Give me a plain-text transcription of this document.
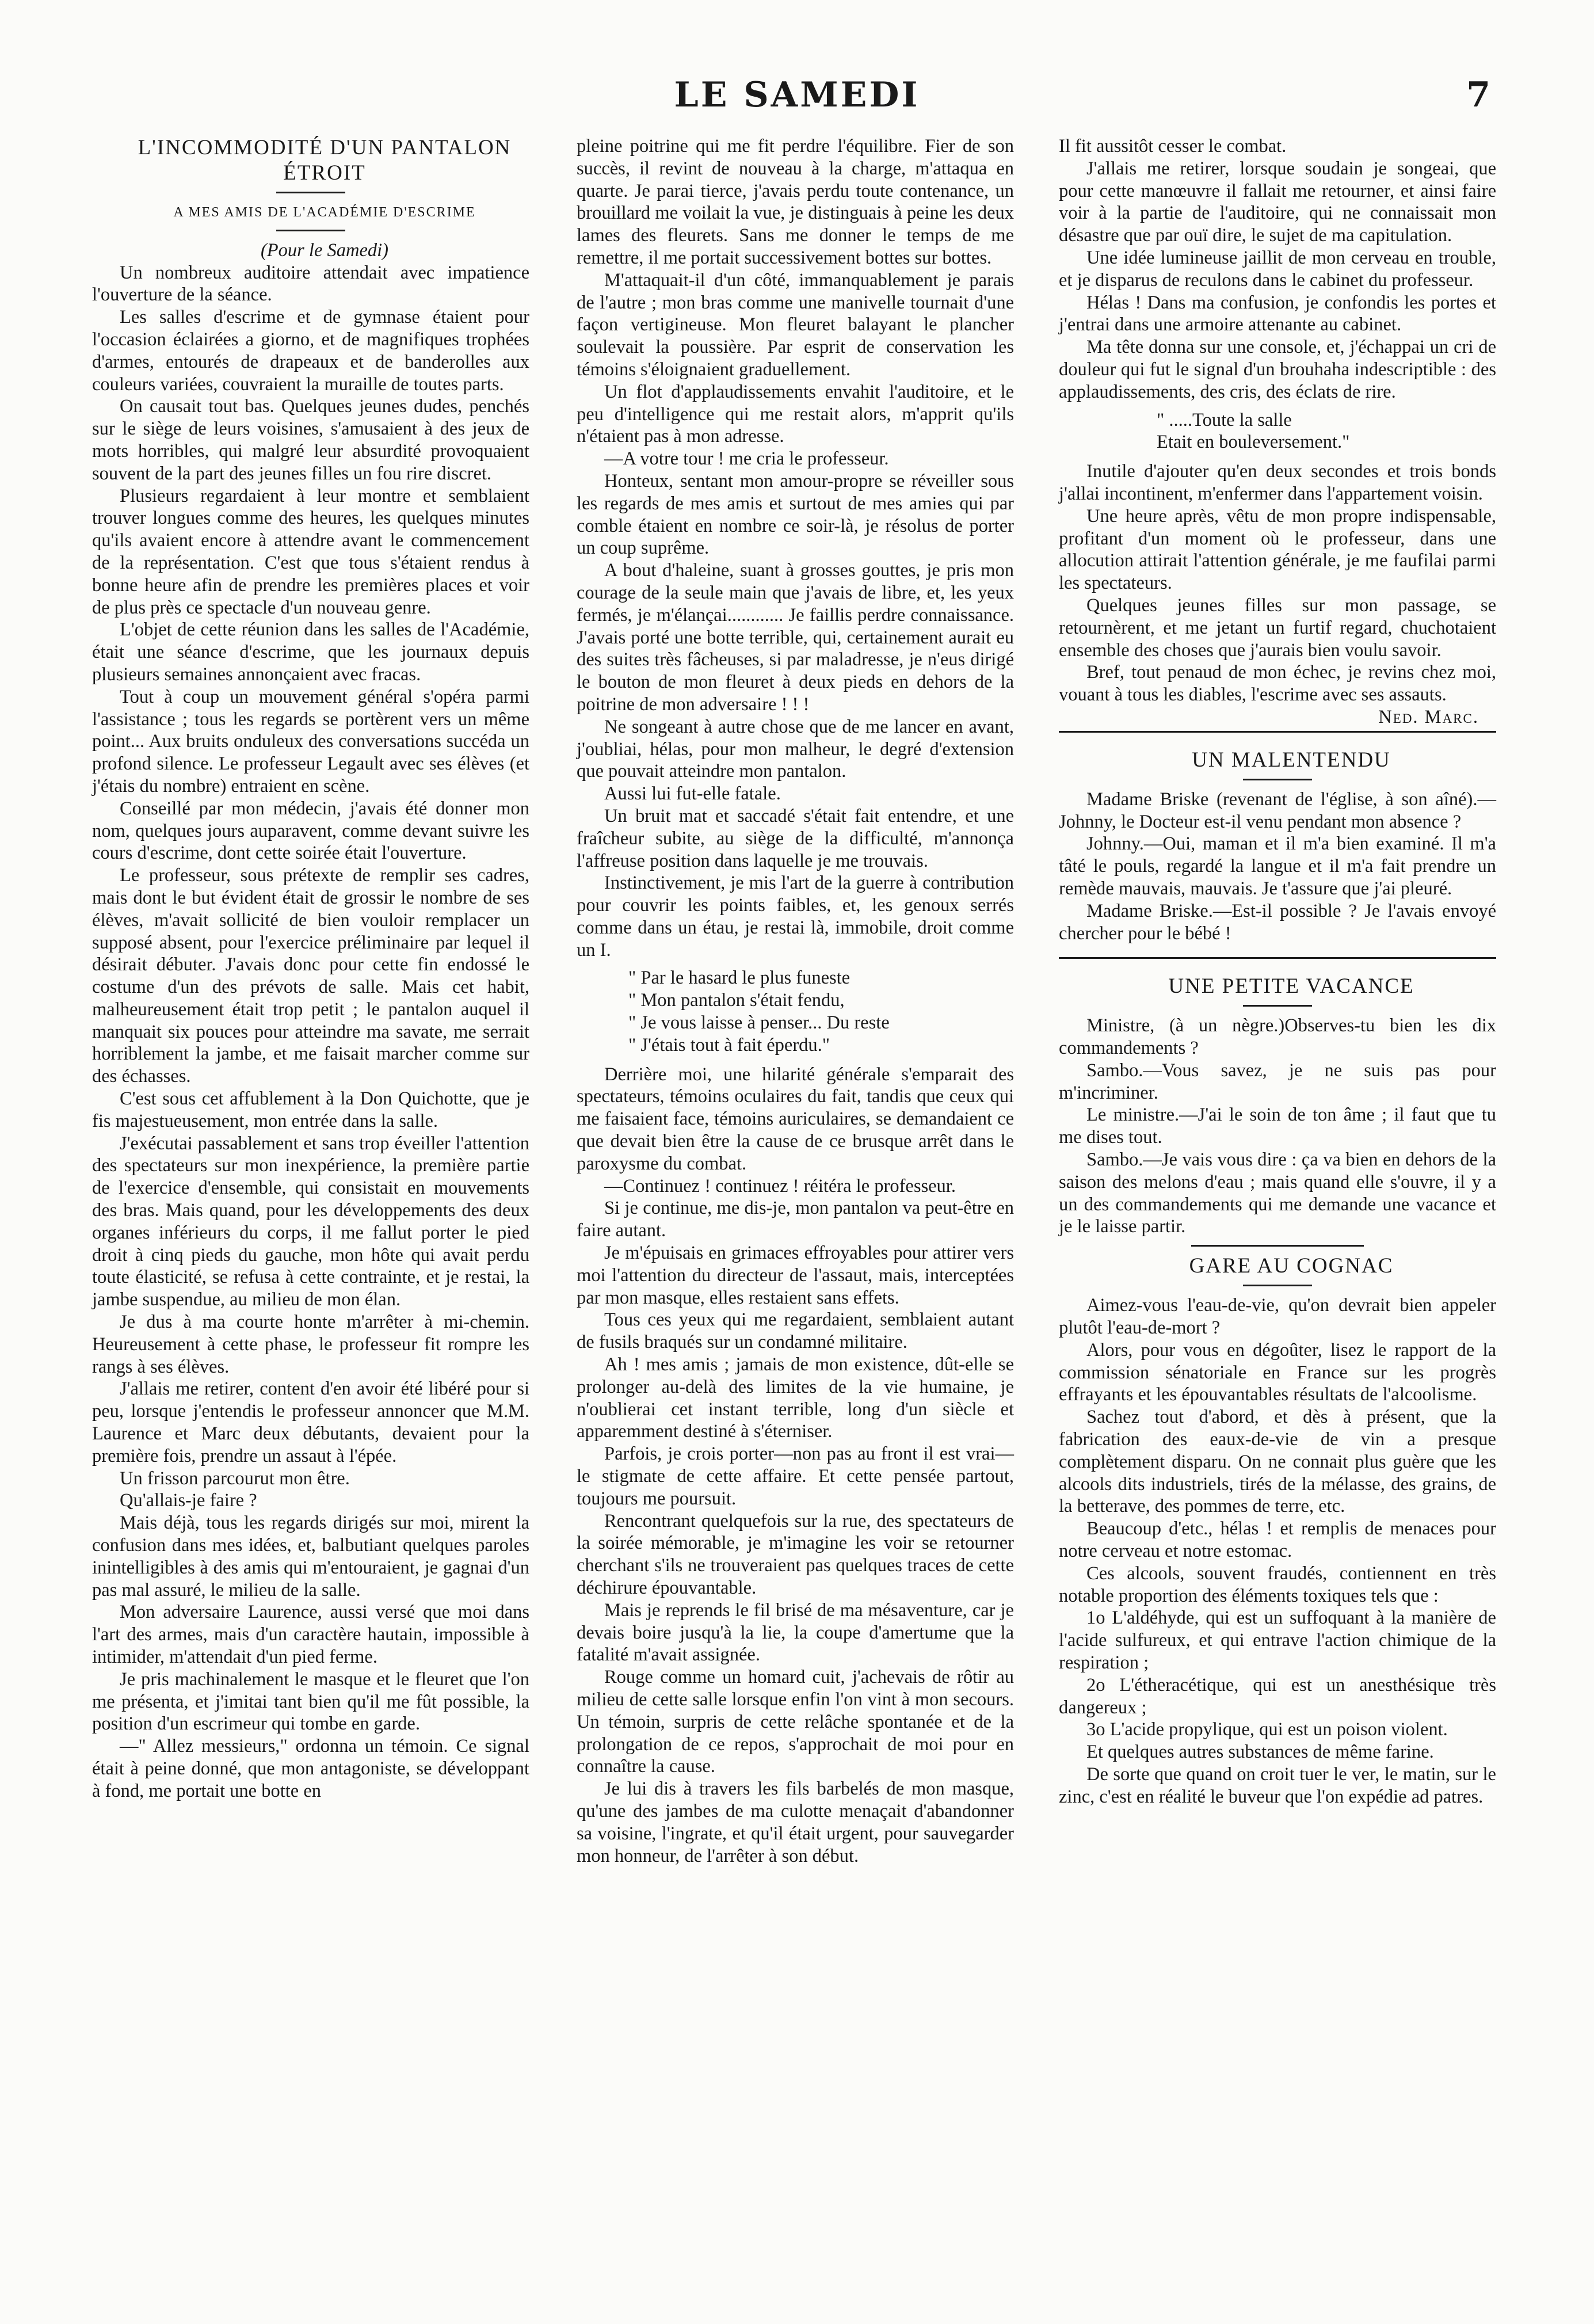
LE SAMEDI	7

L'INCOMMODITÉ D'UN PANTALON

ÉTROIT

A MES AMIS DE L'ACADÉMIE D'ESCRIME

(Pour le Samedi)

Un nombreux auditoire attendait avec impatience l'ouverture de la séance.

Les salles d'escrime et de gymnase étaient pour l'occasion éclairées a giorno, et de magnifiques trophées d'armes, entourés de drapeaux et de banderolles aux couleurs variées, couvraient la muraille de toutes parts.

On causait tout bas. Quelques jeunes dudes, penchés sur le siège de leurs voisines, s'amusaient à des jeux de mots horribles, qui malgré leur absurdité provoquaient souvent de la part des jeunes filles un fou rire discret.

Plusieurs regardaient à leur montre et semblaient trouver longues comme des heures, les quelques minutes qu'ils avaient encore à attendre avant le commencement de la représentation. C'est que tous s'étaient rendus à bonne heure afin de prendre les premières places et voir de plus près ce spectacle d'un nouveau genre.

L'objet de cette réunion dans les salles de l'Académie, était une séance d'escrime, que les journaux depuis plusieurs semaines annonçaient avec fracas.

Tout à coup un mouvement général s'opéra parmi l'assistance ; tous les regards se portèrent vers un même point... Aux bruits onduleux des conversations succéda un profond silence. Le professeur Legault avec ses élèves (et j'étais du nombre) entraient en scène.

Conseillé par mon médecin, j'avais été donner mon nom, quelques jours auparavent, comme devant suivre les cours d'escrime, dont cette soirée était l'ouverture.

Le professeur, sous prétexte de remplir ses cadres, mais dont le but évident était de grossir le nombre de ses élèves, m'avait sollicité de bien vouloir remplacer un supposé absent, pour l'exercice préliminaire par lequel il désirait débuter. J'avais donc pour cette fin endossé le costume d'un des prévots de salle. Mais cet habit, malheureusement était trop petit ; le pantalon auquel il manquait six pouces pour atteindre ma savate, me serrait horriblement la jambe, et me faisait marcher comme sur des échasses.

C'est sous cet affublement à la Don Quichotte, que je fis majestueusement, mon entrée dans la salle.

J'exécutai passablement et sans trop éveiller l'attention des spectateurs sur mon inexpérience, la première partie de l'exercice d'ensemble, qui consistait en mouvements des bras. Mais quand, pour les développements des deux organes inférieurs du corps, il me fallut porter le pied droit à cinq pieds du gauche, mon hôte qui avait perdu toute élasticité, se refusa à cette contrainte, et je restai, la jambe suspendue, au milieu de mon élan.

Je dus à ma courte honte m'arrêter à mi-chemin. Heureusement à cette phase, le professeur fit rompre les rangs à ses élèves.

J'allais me retirer, content d'en avoir été libéré pour si peu, lorsque j'entendis le professeur annoncer que M.M. Laurence et Marc deux débutants, devaient pour la première fois, prendre un assaut à l'épée.

Un frisson parcourut mon être.

Qu'allais-je faire ?

Mais déjà, tous les regards dirigés sur moi, mirent la confusion dans mes idées, et, balbutiant quelques paroles inintelligibles à des amis qui m'entouraient, je gagnai d'un pas mal assuré, le milieu de la salle.

Mon adversaire Laurence, aussi versé que moi dans l'art des armes, mais d'un caractère hautain, impossible à intimider, m'attendait d'un pied ferme.

Je pris machinalement le masque et le fleuret que l'on me présenta, et j'imitai tant bien qu'il me fût possible, la position d'un escrimeur qui tombe en garde.

—" Allez messieurs," ordonna un témoin. Ce signal était à peine donné, que mon antagoniste, se développant à fond, me portait une botte en

pleine poitrine qui me fit perdre l'équilibre. Fier de son succès, il revint de nouveau à la charge, m'attaqua en quarte. Je parai tierce, j'avais perdu toute contenance, un brouillard me voilait la vue, je distinguais à peine les deux lames des fleurets. Sans me donner le temps de me remettre, il me portait successivement bottes sur bottes.

M'attaquait-il d'un côté, immanquablement je parais de l'autre ; mon bras comme une manivelle tournait d'une façon vertigineuse. Mon fleuret balayant le plancher soulevait la poussière. Par esprit de conservation les témoins s'éloignaient graduellement.

Un flot d'applaudissements envahit l'auditoire, et le peu d'intelligence qui me restait alors, m'apprit qu'ils n'étaient pas à mon adresse.

—A votre tour ! me cria le professeur.

Honteux, sentant mon amour-propre se réveiller sous les regards de mes amis et surtout de mes amies qui par comble étaient en nombre ce soir-là, je résolus de porter un coup suprême.

A bout d'haleine, suant à grosses gouttes, je pris mon courage de la seule main que j'avais de libre, et, les yeux fermés, je m'élançai............ Je faillis perdre connaissance. J'avais porté une botte terrible, qui, certainement aurait eu des suites très fâcheuses, si par maladresse, je n'eus dirigé le bouton de mon fleuret à deux pieds en dehors de la poitrine de mon adversaire ! ! !

Ne songeant à autre chose que de me lancer en avant, j'oubliai, hélas, pour mon malheur, le degré d'extension que pouvait atteindre mon pantalon.

Aussi lui fut-elle fatale.

Un bruit mat et saccadé s'était fait entendre, et une fraîcheur subite, au siège de la difficulté, m'annonça l'affreuse position dans laquelle je me trouvais.

Instinctivement, je mis l'art de la guerre à contribution pour couvrir les points faibles, et, les genoux serrés comme dans un étau, je restai là, immobile, droit comme un I.

" Par le hasard le plus funeste
" Mon pantalon s'était fendu,
" Je vous laisse à penser... Du reste
" J'étais tout à fait éperdu."

Derrière moi, une hilarité générale s'emparait des spectateurs, témoins oculaires du fait, tandis que ceux qui me faisaient face, témoins auriculaires, se demandaient ce que devait bien être la cause de ce brusque arrêt dans le paroxysme du combat.

—Continuez ! continuez ! réitéra le professeur.

Si je continue, me dis-je, mon pantalon va peut-être en faire autant.

Je m'épuisais en grimaces effroyables pour attirer vers moi l'attention du directeur de l'assaut, mais, interceptées par mon masque, elles restaient sans effets.

Tous ces yeux qui me regardaient, semblaient autant de fusils braqués sur un condamné militaire.

Ah ! mes amis ; jamais de mon existence, dût-elle se prolonger au-delà des limites de la vie humaine, je n'oublierai cet instant terrible, long d'un siècle et apparemment destiné à s'éterniser.

Parfois, je crois porter—non pas au front il est vrai—le stigmate de cette affaire. Et cette pensée partout, toujours me poursuit.

Rencontrant quelquefois sur la rue, des spectateurs de la soirée mémorable, je m'imagine les voir se retourner cherchant s'ils ne trouveraient pas quelques traces de cette déchirure épouvantable.

Mais je reprends le fil brisé de ma mésaventure, car je devais boire jusqu'à la lie, la coupe d'amertume que la fatalité m'avait assignée.

Rouge comme un homard cuit, j'achevais de rôtir au milieu de cette salle lorsque enfin l'on vint à mon secours. Un témoin, surpris de cette relâche spontanée et de la prolongation de ce repos, s'approchait de moi pour en connaître la cause.

Je lui dis à travers les fils barbelés de mon masque, qu'une des jambes de ma culotte menaçait d'abandonner sa voisine, l'ingrate, et qu'il était urgent, pour sauvegarder mon honneur, de l'arrêter à son début.

Il fit aussitôt cesser le combat.

J'allais me retirer, lorsque soudain je songeai, que pour cette manœuvre il fallait me retourner, et ainsi faire voir à la partie de l'auditoire, qui ne connaissait mon désastre que par ouï dire, le sujet de ma capitulation.

Une idée lumineuse jaillit de mon cerveau en trouble, et je disparus de reculons dans le cabinet du professeur.

Hélas ! Dans ma confusion, je confondis les portes et j'entrai dans une armoire attenante au cabinet.

Ma tête donna sur une console, et, j'échappai un cri de douleur qui fut le signal d'un brouhaha indescriptible : des applaudissements, des cris, des éclats de rire.

" .....Toute la salle
Etait en bouleversement."

Inutile d'ajouter qu'en deux secondes et trois bonds j'allai incontinent, m'enfermer dans l'appartement voisin.

Une heure après, vêtu de mon propre indispensable, profitant d'un moment où le professeur, dans une allocution attirait l'attention générale, je me faufilai parmi les spectateurs.

Quelques jeunes filles sur mon passage, se retournèrent, et me jetant un furtif regard, chuchotaient ensemble des choses que j'aurais bien voulu savoir.

Bref, tout penaud de mon échec, je revins chez moi, vouant à tous les diables, l'escrime avec ses assauts.

Ned. Marc.

UN MALENTENDU

Madame Briske (revenant de l'église, à son aîné).—Johnny, le Docteur est-il venu pendant mon absence ?

Johnny.—Oui, maman et il m'a bien examiné. Il m'a tâté le pouls, regardé la langue et il m'a fait prendre un remède mauvais, mauvais. Je t'assure que j'ai pleuré.

Madame Briske.—Est-il possible ? Je l'avais envoyé chercher pour le bébé !

UNE PETITE VACANCE

Ministre, (à un nègre.)Observes-tu bien les dix commandements ?

Sambo.—Vous savez, je ne suis pas pour m'incriminer.

Le ministre.—J'ai le soin de ton âme ; il faut que tu me dises tout.

Sambo.—Je vais vous dire : ça va bien en dehors de la saison des melons d'eau ; mais quand elle s'ouvre, il y a un des commandements qui me demande une vacance et je le laisse partir.

GARE AU COGNAC

Aimez-vous l'eau-de-vie, qu'on devrait bien appeler plutôt l'eau-de-mort ?

Alors, pour vous en dégoûter, lisez le rapport de la commission sénatoriale en France sur les progrès effrayants et les épouvantables résultats de l'alcoolisme.

Sachez tout d'abord, et dès à présent, que la fabrication des eaux-de-vie de vin a presque complètement disparu. On ne connait plus guère que les alcools dits industriels, tirés de la mélasse, des grains, de la betterave, des pommes de terre, etc.

Beaucoup d'etc., hélas ! et remplis de menaces pour notre cerveau et notre estomac.

Ces alcools, souvent fraudés, contiennent en très notable proportion des éléments toxiques tels que :

1o L'aldéhyde, qui est un suffoquant à la manière de l'acide sulfureux, et qui entrave l'action chimique de la respiration ;

2o L'étheracétique, qui est un anesthésique très dangereux ;

3o L'acide propylique, qui est un poison violent.

Et quelques autres substances de même farine.

De sorte que quand on croit tuer le ver, le matin, sur le zinc, c'est en réalité le buveur que l'on expédie ad patres.
